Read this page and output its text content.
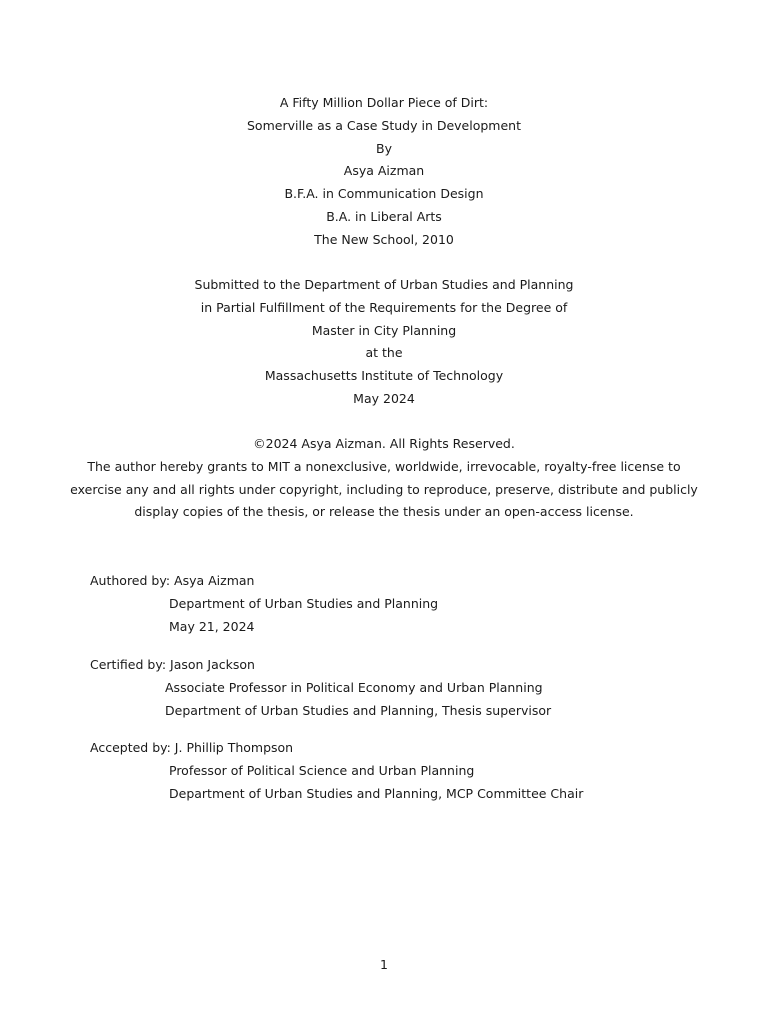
A Fifty Million Dollar Piece of Dirt:
Somerville as a Case Study in Development
By
Asya Aizman
B.F.A. in Communication Design
B.A. in Liberal Arts
The New School, 2010
Submitted to the Department of Urban Studies and Planning
in Partial Fulfillment of the Requirements for the Degree of
Master in City Planning
at the
Massachusetts Institute of Technology
May 2024
©2024 Asya Aizman. All Rights Reserved.
The author hereby grants to MIT a nonexclusive, worldwide, irrevocable, royalty-free license to
exercise any and all rights under copyright, including to reproduce, preserve, distribute and publicly
display copies of the thesis, or release the thesis under an open-access license.
Authored by: Asya Aizman
Department of Urban Studies and Planning
May 21, 2024
Certified by: Jason Jackson
Associate Professor in Political Economy and Urban Planning
Department of Urban Studies and Planning, Thesis supervisor
Accepted by: J. Phillip Thompson
Professor of Political Science and Urban Planning
Department of Urban Studies and Planning, MCP Committee Chair
1
